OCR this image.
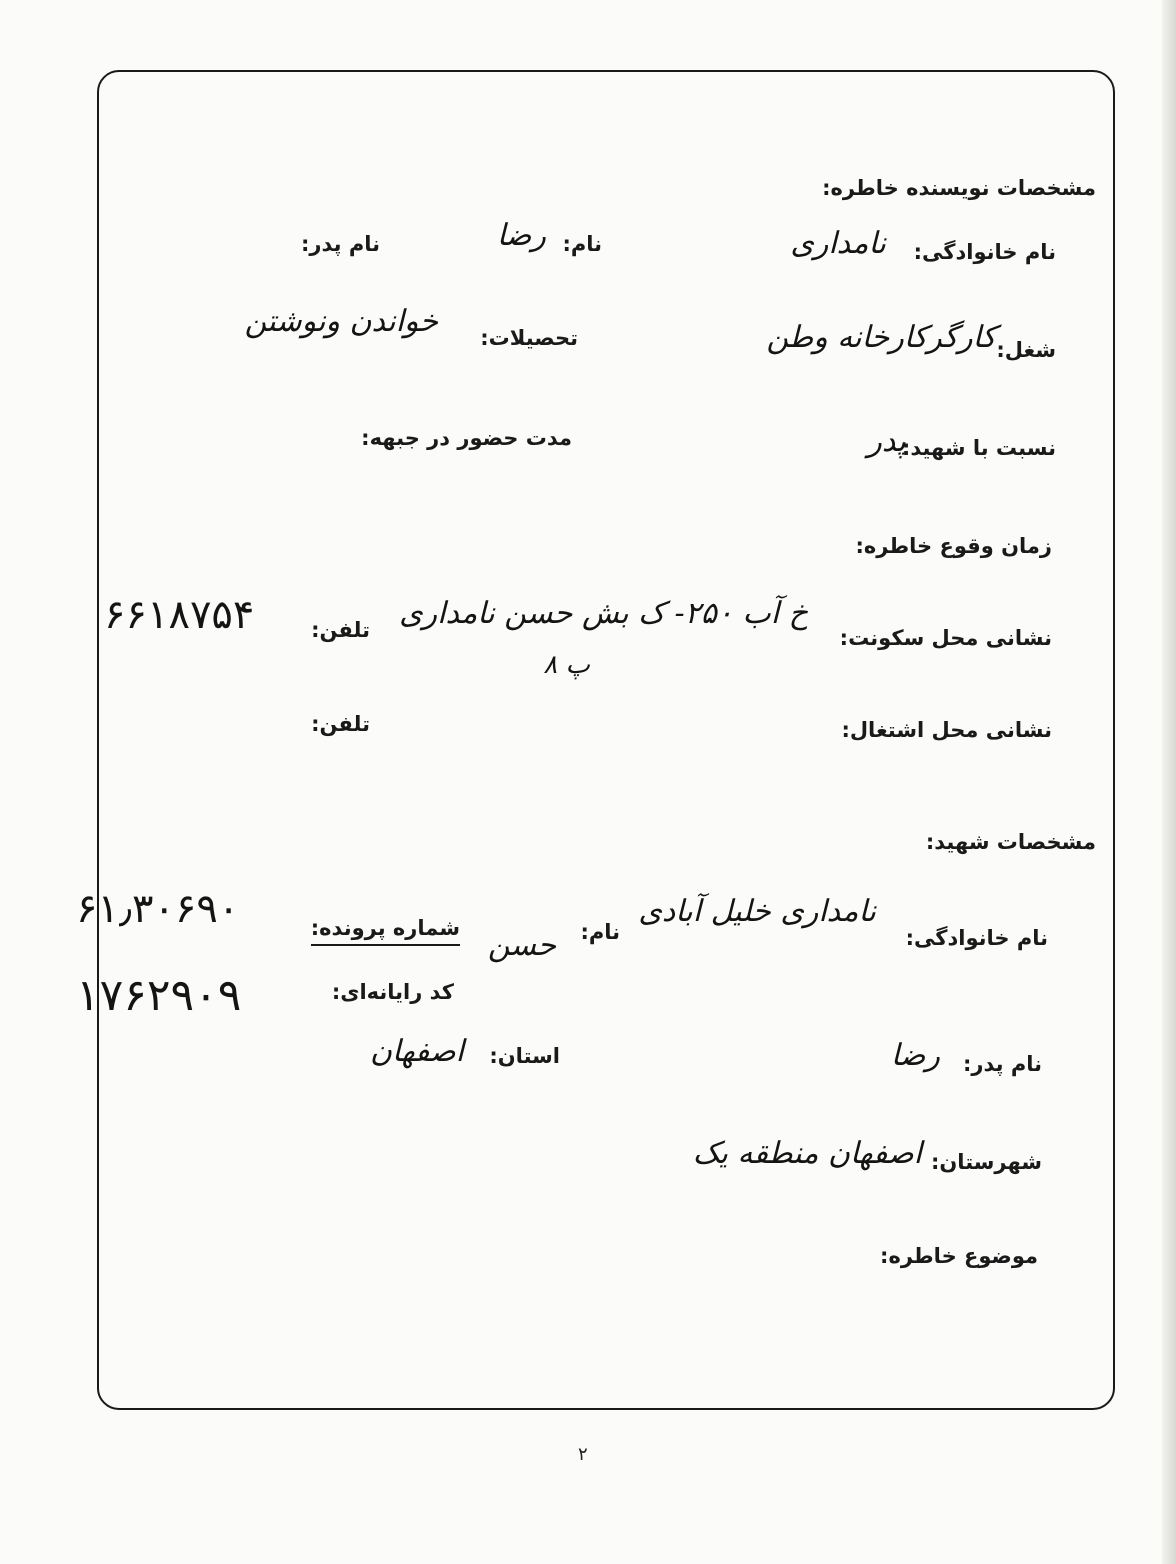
مشخصات نویسنده خاطره:
نام خانوادگی:
نامداری
نام:
رضا
نام پدر:
شغل:
کارگرکارخانه وطن
تحصیلات:
خواندن ونوشتن
نسبت با شهید:
پدر
مدت حضور در جبهه:
زمان وقوع خاطره:
نشانی محل سکونت:
خ آب ۲۵۰- ک بش حسن نامداری
پ ۸
تلفن:
۶۶۱۸۷۵۴
نشانی محل اشتغال:
تلفن:
مشخصات شهید:
نام خانوادگی:
نامداری خلیل آبادی
نام:
حسن
شماره پرونده:
۶۱٫۳۰۶۹۰
کد رایانه‌ای:
۱۷۶۲۹۰۹
نام پدر:
رضا
استان:
اصفهان
شهرستان:
اصفهان منطقه یک
موضوع خاطره:
۲
